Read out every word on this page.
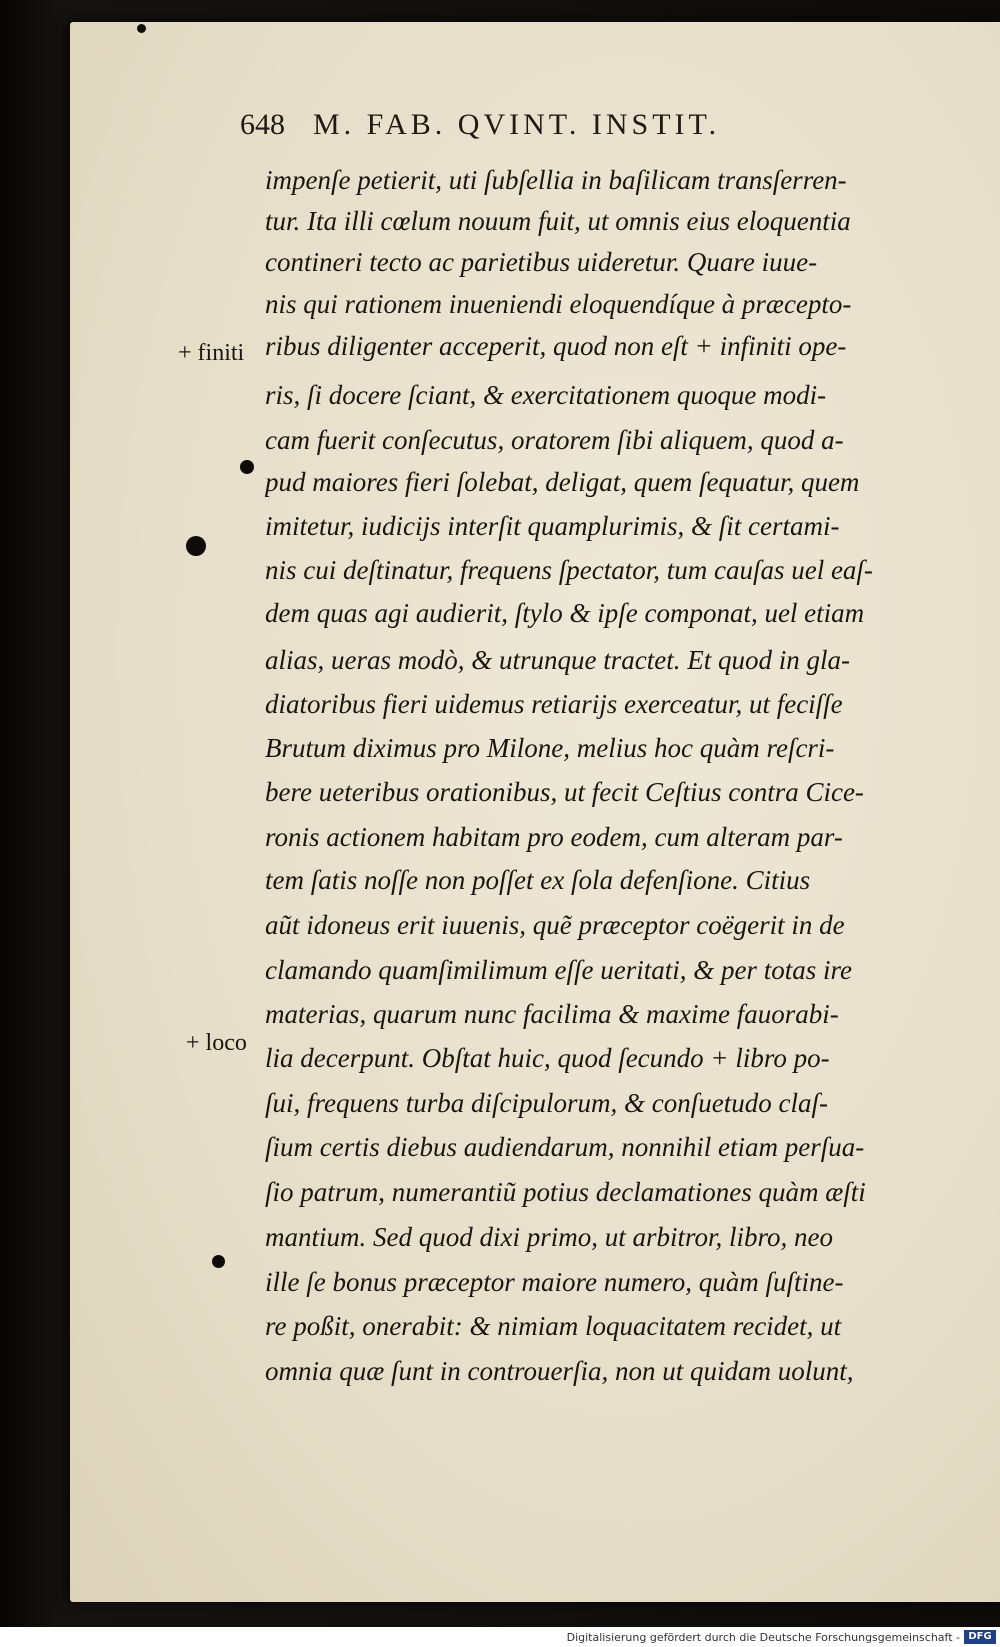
648 M. FAB. QVINT. INSTIT.
impenſe petierit, uti ſubſellia in baſilicam transſerren-
tur. Ita illi cœlum nouum fuit, ut omnis eius eloquentia
contineri tecto ac parietibus uideretur. Quare iuue-
nis qui rationem inueniendi eloquendíque à præcepto-
ribus diligenter acceperit, quod non eſt + infiniti ope-
ris, ſi docere ſciant, & exercitationem quoque modi-
cam fuerit conſecutus, oratorem ſibi aliquem, quod a-
pud maiores fieri ſolebat, deligat, quem ſequatur, quem
imitetur, iudicijs interſit quamplurimis, & ſit certami-
nis cui deſtinatur, frequens ſpectator, tum cauſas uel eaſ-
dem quas agi audierit, ſtylo & ipſe componat, uel etiam
alias, ueras modò, & utrunque tractet. Et quod in gla-
diatoribus fieri uidemus retiarijs exerceatur, ut feciſſe
Brutum diximus pro Milone, melius hoc quàm reſcri-
bere ueteribus orationibus, ut fecit Ceſtius contra Cice-
ronis actionem habitam pro eodem, cum alteram par-
tem ſatis noſſe non poſſet ex ſola defenſione. Citius
aũt idoneus erit iuuenis, quẽ præceptor coëgerit in de
clamando quamſimilimum eſſe ueritati, & per totas ire
materias, quarum nunc facilima & maxime fauorabi-
lia decerpunt. Obſtat huic, quod ſecundo + libro po-
ſui, frequens turba diſcipulorum, & conſuetudo claſ-
ſium certis diebus audiendarum, nonnihil etiam perſua-
ſio patrum, numerantiũ potius declamationes quàm æſti
mantium. Sed quod dixi primo, ut arbitror, libro, neo
ille ſe bonus præceptor maiore numero, quàm ſuſtine-
re poßit, onerabit: & nimiam loquacitatem recidet, ut
omnia quæ ſunt in controuerſia, non ut quidam uolunt,
+ finiti
+ loco
Digitalisierung gefördert durch die Deutsche Forschungsgemeinschaft - DFG
